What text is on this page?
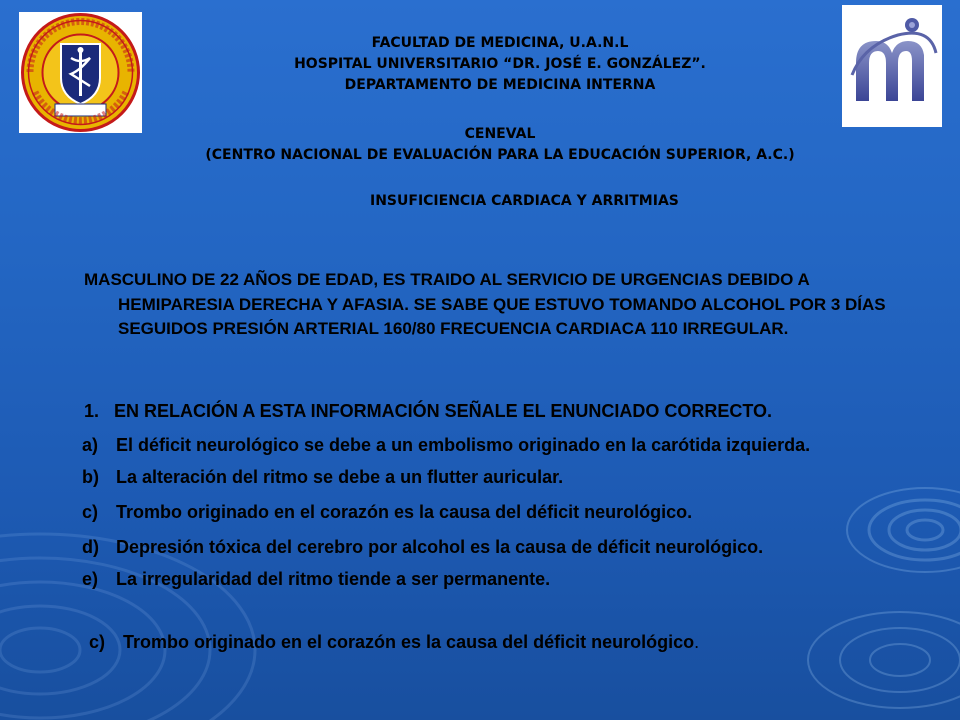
FACULTAD DE MEDICINA, U.A.N.L
HOSPITAL UNIVERSITARIO “DR. JOSÉ E. GONZÁLEZ”.
DEPARTAMENTO DE MEDICINA INTERNA
CENEVAL
(CENTRO NACIONAL DE EVALUACIÓN PARA LA EDUCACIÓN SUPERIOR, A.C.)
INSUFICIENCIA CARDIACA Y ARRITMIAS
MASCULINO DE 22 AÑOS DE EDAD, ES TRAIDO AL SERVICIO DE URGENCIAS DEBIDO A HEMIPARESIA DERECHA Y AFASIA. SE SABE QUE ESTUVO TOMANDO ALCOHOL POR 3 DÍAS SEGUIDOS PRESIÓN ARTERIAL 160/80 FRECUENCIA CARDIACA 110 IRREGULAR.
1. EN RELACIÓN A ESTA INFORMACIÓN SEÑALE EL ENUNCIADO CORRECTO.
a) El déficit neurológico se debe a un embolismo originado en la carótida izquierda.
b) La alteración del ritmo se debe a un flutter auricular.
c) Trombo originado en el corazón es la causa del déficit neurológico.
d) Depresión tóxica del cerebro por alcohol es la causa de déficit neurológico.
e) La irregularidad del ritmo tiende a ser permanente.
c) Trombo originado en el corazón es la causa del déficit neurológico.
